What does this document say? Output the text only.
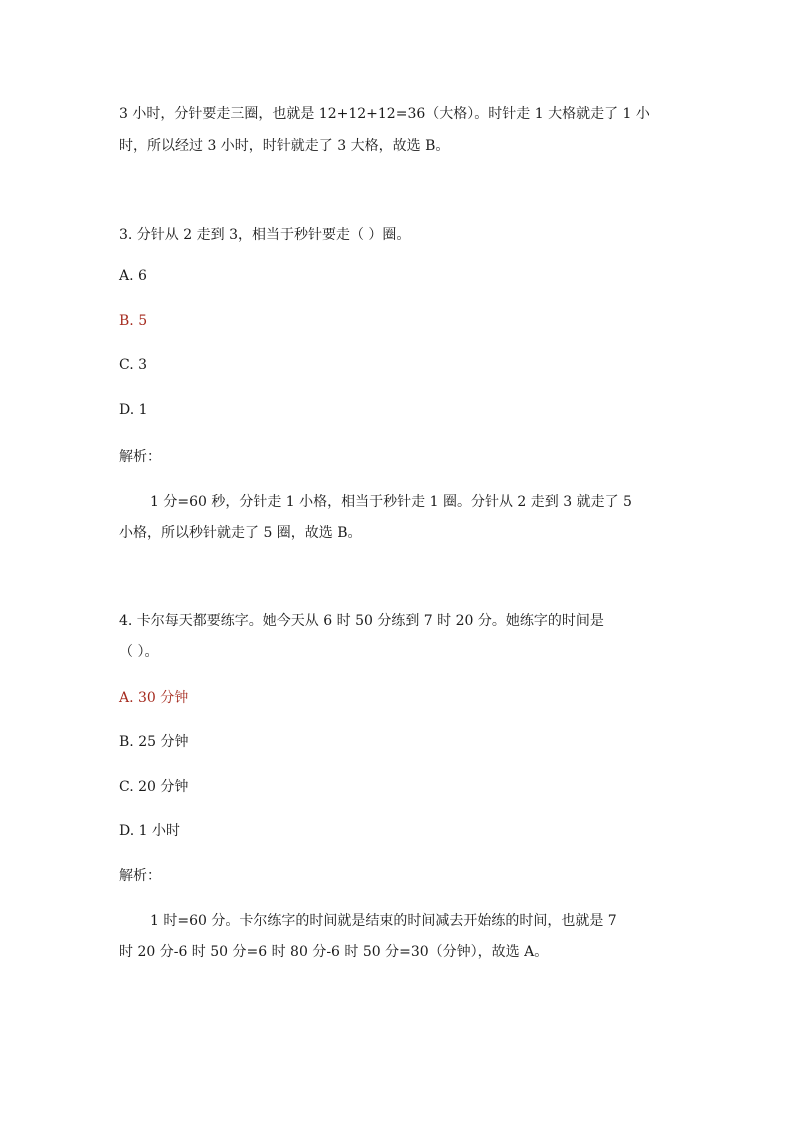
3 小时，分针要走三圈，也就是 12+12+12=36（大格）。时针走 1 大格就走了 1 小
时，所以经过 3 小时，时针就走了 3 大格，故选 B。
3. 分针从 2 走到 3，相当于秒针要走（ ）圈。
A. 6
B. 5
C. 3
D. 1
解析：
1 分=60 秒，分针走 1 小格，相当于秒针走 1 圈。分针从 2 走到 3 就走了 5
小格，所以秒针就走了 5 圈，故选 B。
4. 卡尔每天都要练字。她今天从 6 时 50 分练到 7 时 20 分。她练字的时间是
（ ）。
A. 30 分钟
B. 25 分钟
C. 20 分钟
D. 1 小时
解析：
1 时=60 分。卡尔练字的时间就是结束的时间减去开始练的时间，也就是 7
时 20 分-6 时 50 分=6 时 80 分-6 时 50 分=30（分钟），故选 A。
